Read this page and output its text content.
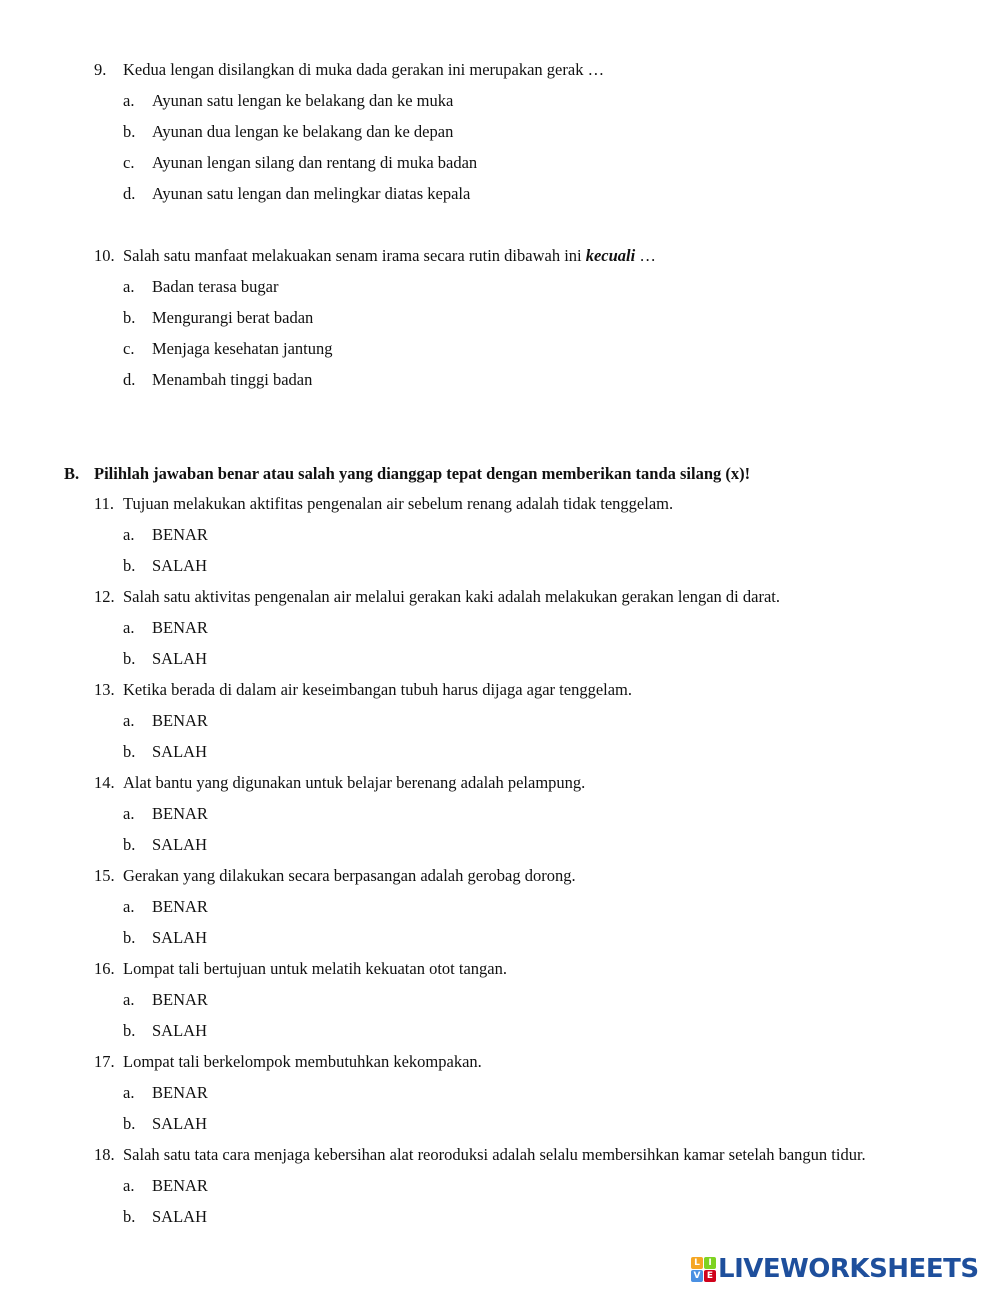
9. Kedua lengan disilangkan di muka dada gerakan ini merupakan gerak …
a. Ayunan satu lengan ke belakang dan ke muka
b. Ayunan dua lengan ke belakang dan ke depan
c. Ayunan lengan silang dan rentang di muka badan
d. Ayunan satu lengan dan melingkar diatas kepala
10. Salah satu manfaat melakuakan senam irama secara rutin dibawah ini kecuali …
a. Badan terasa bugar
b. Mengurangi berat badan
c. Menjaga kesehatan jantung
d. Menambah tinggi badan
B. Pilihlah jawaban benar atau salah yang dianggap tepat dengan memberikan tanda silang (x)!
11. Tujuan melakukan aktifitas pengenalan air sebelum renang adalah tidak tenggelam.
a. BENAR
b. SALAH
12. Salah satu aktivitas pengenalan air melalui gerakan kaki adalah melakukan gerakan lengan di darat.
a. BENAR
b. SALAH
13. Ketika berada di dalam air keseimbangan tubuh harus dijaga agar tenggelam.
a. BENAR
b. SALAH
14. Alat bantu yang digunakan untuk belajar berenang adalah pelampung.
a. BENAR
b. SALAH
15. Gerakan yang dilakukan secara berpasangan adalah gerobag dorong.
a. BENAR
b. SALAH
16. Lompat tali bertujuan untuk melatih kekuatan otot tangan.
a. BENAR
b. SALAH
17. Lompat tali berkelompok membutuhkan kekompakan.
a. BENAR
b. SALAH
18. Salah satu tata cara menjaga kebersihan alat reoroduksi adalah selalu membersihkan kamar setelah bangun tidur.
a. BENAR
b. SALAH
L I
V E LIVEWORKSHEETS
